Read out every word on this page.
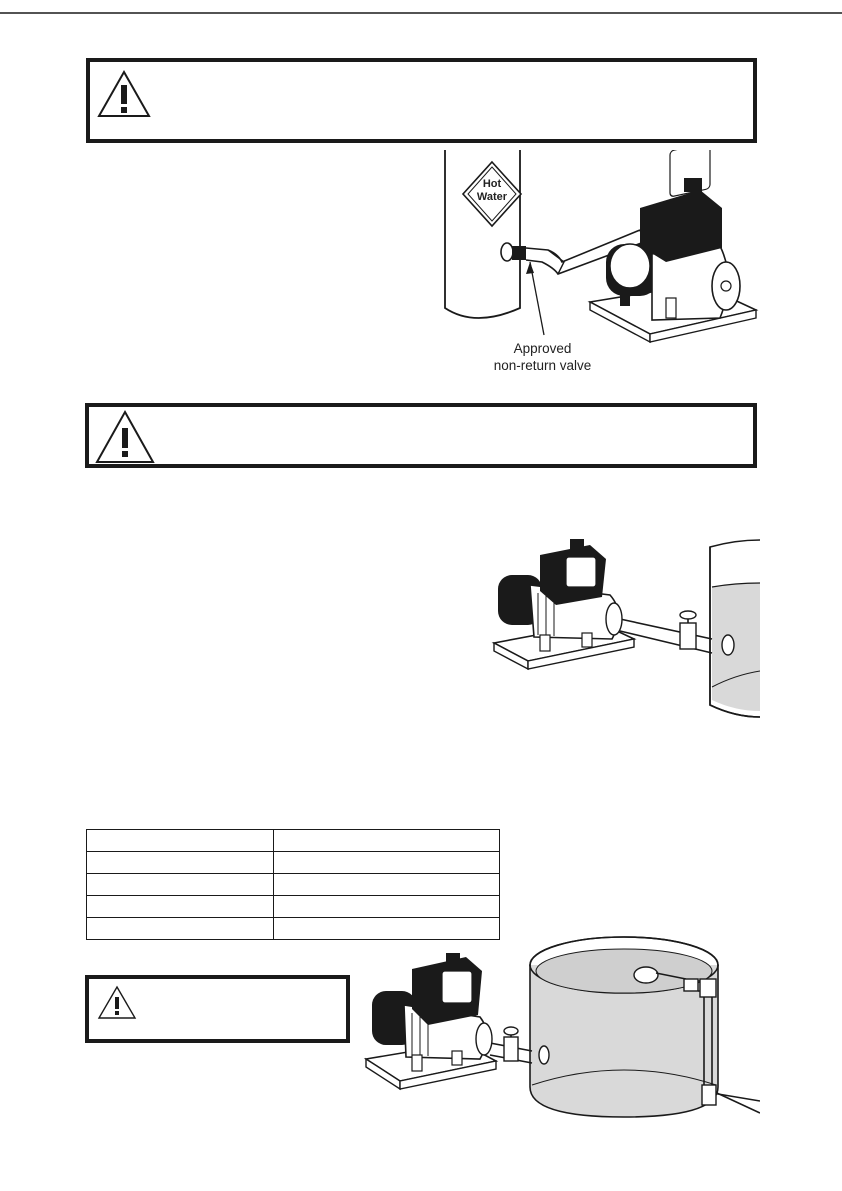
Hot
Water
Approved
non-return valve
